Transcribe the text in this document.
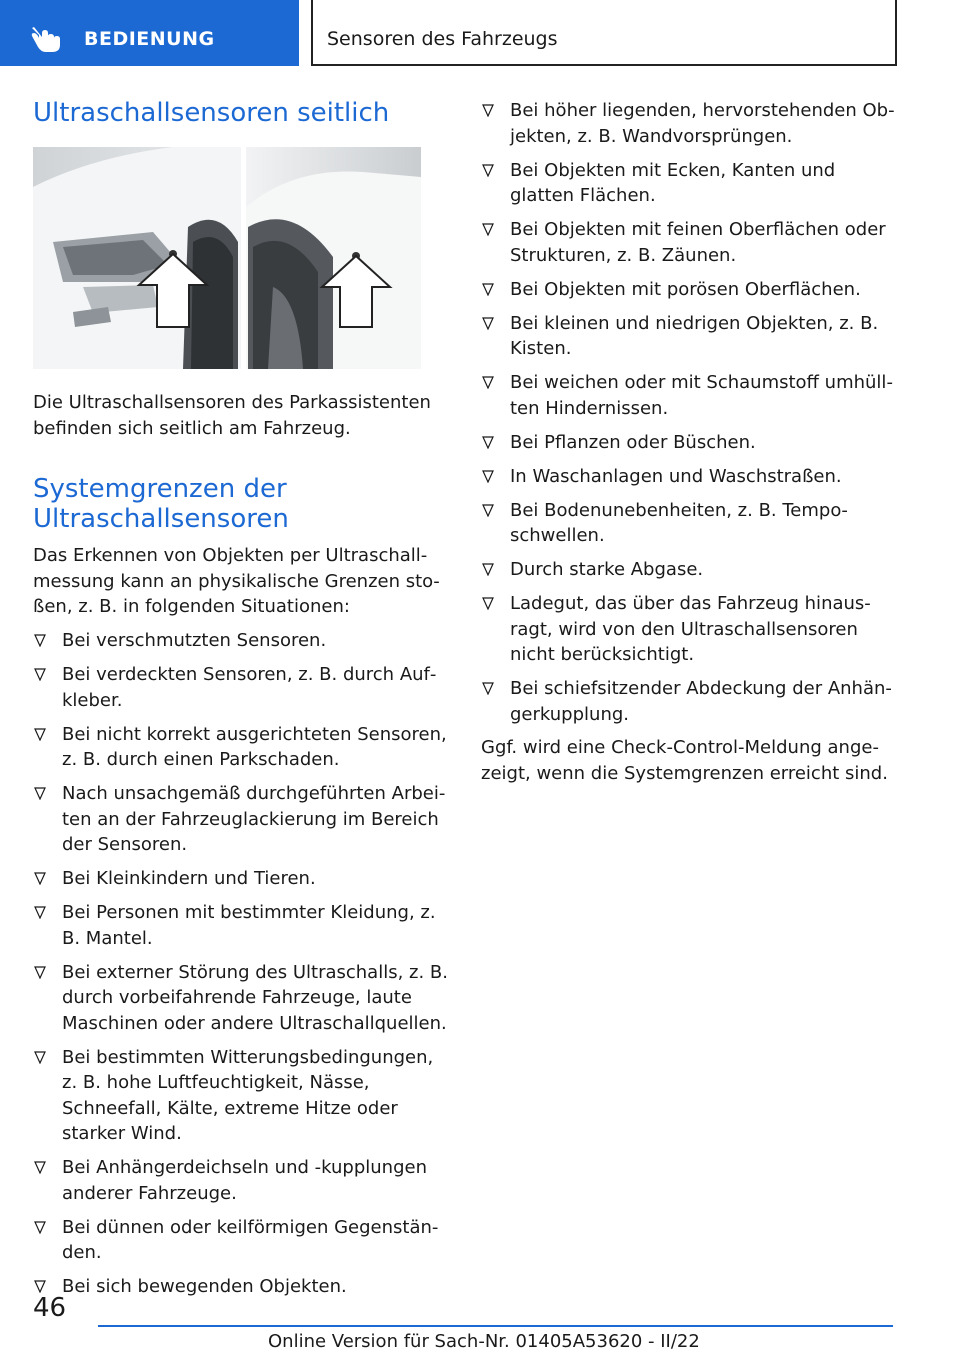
BEDIENUNG	Sensoren des Fahrzeugs
Ultraschallsensoren seitlich

Die Ultraschallsensoren des Parkassistenten befinden sich seitlich am Fahrzeug.

Systemgrenzen der Ultraschallsensoren

Das Erkennen von Objekten per Ultraschallmessung kann an physikalische Grenzen stoßen, z. B. in folgenden Situationen:

Bei verschmutzten Sensoren.
Bei verdeckten Sensoren, z. B. durch Aufkleber.
Bei nicht korrekt ausgerichteten Sensoren, z. B. durch einen Parkschaden.
Nach unsachgemäß durchgeführten Arbeiten an der Fahrzeuglackierung im Bereich der Sensoren.
Bei Kleinkindern und Tieren.
Bei Personen mit bestimmter Kleidung, z. B. Mantel.
Bei externer Störung des Ultraschalls, z. B. durch vorbeifahrende Fahrzeuge, laute Maschinen oder andere Ultraschallquellen.
Bei bestimmten Witterungsbedingungen, z. B. hohe Luftfeuchtigkeit, Nässe, Schneefall, Kälte, extreme Hitze oder starker Wind.
Bei Anhängerdeichseln und -kupplungen anderer Fahrzeuge.
Bei dünnen oder keilförmigen Gegenständen.
Bei sich bewegenden Objekten.
Bei höher liegenden, hervorstehenden Objekten, z. B. Wandvorsprüngen.
Bei Objekten mit Ecken, Kanten und glatten Flächen.
Bei Objekten mit feinen Oberflächen oder Strukturen, z. B. Zäunen.
Bei Objekten mit porösen Oberflächen.
Bei kleinen und niedrigen Objekten, z. B. Kisten.
Bei weichen oder mit Schaumstoff umhüllten Hindernissen.
Bei Pflanzen oder Büschen.
In Waschanlagen und Waschstraßen.
Bei Bodenunebenheiten, z. B. Temposchwellen.
Durch starke Abgase.
Ladegut, das über das Fahrzeug hinausragt, wird von den Ultraschallsensoren nicht berücksichtigt.
Bei schiefsitzender Abdeckung der Anhängerkupplung.

Ggf. wird eine Check-Control-Meldung angezeigt, wenn die Systemgrenzen erreicht sind.

46
Online Version für Sach-Nr. 01405A53620 - II/22
